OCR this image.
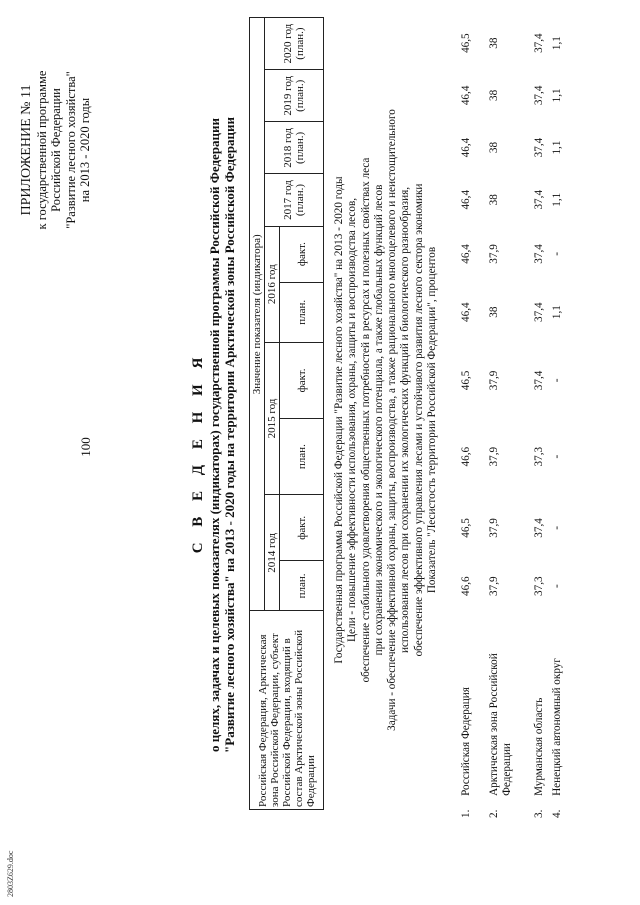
100
ПРИЛОЖЕНИЕ № 11 к государственной программе Российской Федерации "Развитие лесного хозяйства" на 2013 - 2020 годы
С В Е Д Е Н И Я о целях, задачах и целевых показателях (индикаторах) государственной программы Российской Федерации "Развитие лесного хозяйства" на 2013 - 2020 годы на территории Арктической зоны Российской Федерации Российская Федерация, Арктическая зона Российской Федерации, субъект Российской Федерации, входящий в состав Арктической зоны Российской Федерации	Значение показателя (индикатора)									
	2014 год		2015 год		2016 год		2017 год (план.)	2018 год (план.)	2019 год (план.)	2020 год (план.)
	план.	факт.	план.	факт.	план.	факт.				Государственная программа Российской Федерации "Развитие лесного хозяйства" на 2013 - 2020 годы Цели - повышение эффективности использования, охраны, защиты и воспроизводства лесов, обеспечение стабильного удовлетворения общественных потребностей в ресурсах и полезных свойствах леса при сохранении экономического и экологического потенциала, а также глобальных функций лесов Задачи - обеспечение эффективной охраны, защиты, воспроизводства, а также рационального многоцелевого и неистощительного использования лесов при сохранении их экологических функций и биологического разнообразия, обеспечение эффективного управления лесами и устойчивого развития лесного сектора экономики Показатель "Лесистость территории Российской Федерации", процентов
1.	Российская Федерация	46,6	46,5	46,6	46,5	46,4	46,4	46,4	46,4	46,4	46,5
2.	Арктическая зона Российской Федерации	37,9	37,9	37,9	37,9	38	37,9	38	38	38	38
3.	Мурманская область	37,3	37,4	37,3	37,4	37,4	37,4	37,4	37,4	37,4	37,4
4.	Ненецкий автономный округ	-	-	-	-	1,1	-	1,1	1,1	1,1	1,1
2803Z629.doc
